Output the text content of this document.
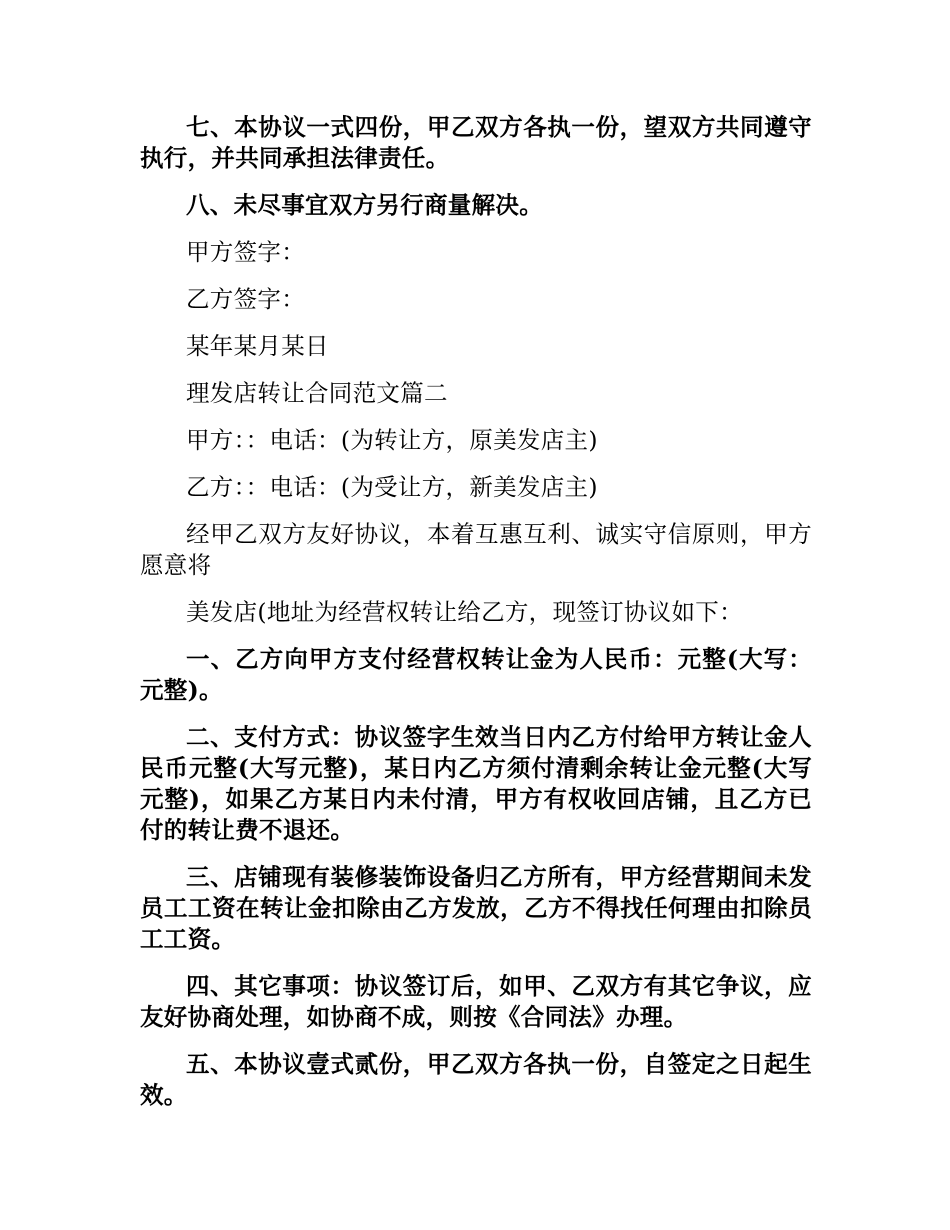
七、本协议一式四份，甲乙双方各执一份，望双方共同遵守执行，并共同承担法律责任。

八、未尽事宜双方另行商量解决。

甲方签字：

乙方签字：

某年某月某日

理发店转让合同范文篇二

甲方：：电话：(为转让方，原美发店主)

乙方：：电话：(为受让方，新美发店主)

经甲乙双方友好协议，本着互惠互利、诚实守信原则，甲方愿意将

美发店(地址为经营权转让给乙方，现签订协议如下：

一、乙方向甲方支付经营权转让金为人民币：元整(大写：元整)。

二、支付方式：协议签字生效当日内乙方付给甲方转让金人民币元整(大写元整)，某日内乙方须付清剩余转让金元整(大写元整)，如果乙方某日内未付清，甲方有权收回店铺，且乙方已付的转让费不退还。

三、店铺现有装修装饰设备归乙方所有，甲方经营期间未发员工工资在转让金扣除由乙方发放，乙方不得找任何理由扣除员工工资。

四、其它事项：协议签订后，如甲、乙双方有其它争议，应友好协商处理，如协商不成，则按《合同法》办理。

五、本协议壹式贰份，甲乙双方各执一份，自签定之日起生效。
